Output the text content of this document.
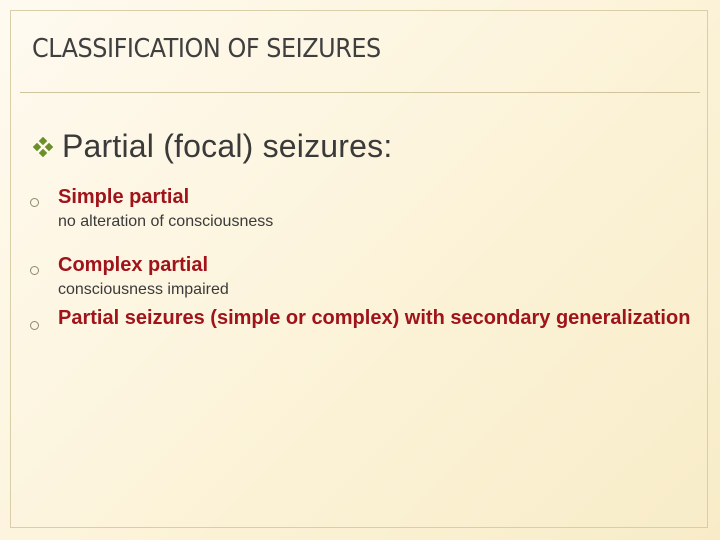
CLASSIFICATION OF SEIZURES
Partial (focal) seizures:
Simple partial
no alteration of consciousness
Complex partial
consciousness impaired
Partial seizures (simple or complex) with secondary generalization
